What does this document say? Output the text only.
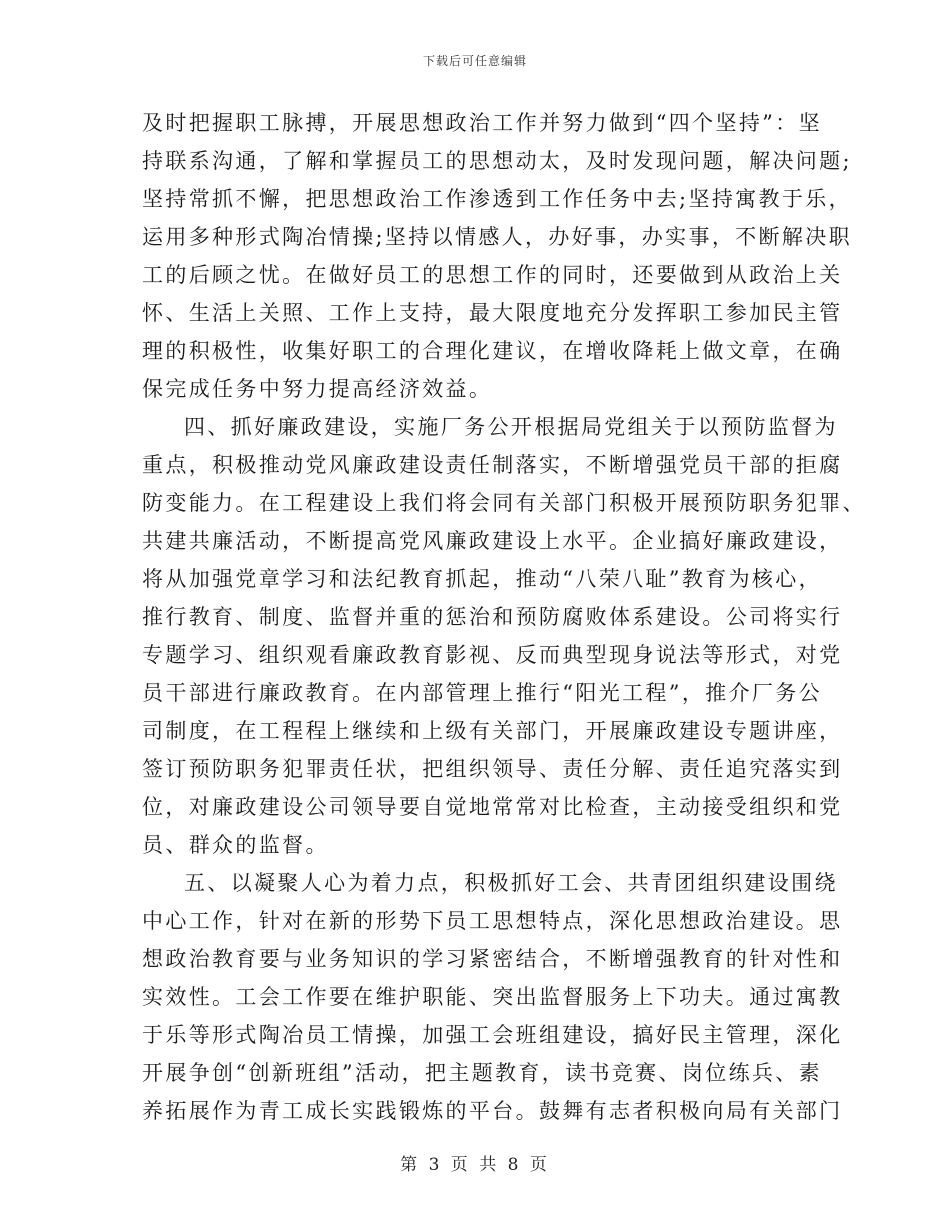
下载后可任意编辑
及时把握职工脉搏，开展思想政治工作并努力做到“四个坚持”：坚
持联系沟通，了解和掌握员工的思想动太，及时发现问题，解决问题;
坚持常抓不懈，把思想政治工作渗透到工作任务中去;坚持寓教于乐，
运用多种形式陶冶情操;坚持以情感人，办好事，办实事，不断解决职
工的后顾之忧。在做好员工的思想工作的同时，还要做到从政治上关
怀、生活上关照、工作上支持，最大限度地充分发挥职工参加民主管
理的积极性，收集好职工的合理化建议，在增收降耗上做文章，在确
保完成任务中努力提高经济效益。
四、抓好廉政建设，实施厂务公开根据局党组关于以预防监督为
重点，积极推动党风廉政建设责任制落实，不断增强党员干部的拒腐
防变能力。在工程建设上我们将会同有关部门积极开展预防职务犯罪、
共建共廉活动，不断提高党风廉政建设上水平。企业搞好廉政建设，
将从加强党章学习和法纪教育抓起，推动“八荣八耻”教育为核心，
推行教育、制度、监督并重的惩治和预防腐败体系建设。公司将实行
专题学习、组织观看廉政教育影视、反而典型现身说法等形式，对党
员干部进行廉政教育。在内部管理上推行“阳光工程”，推介厂务公
司制度，在工程程上继续和上级有关部门，开展廉政建设专题讲座，
签订预防职务犯罪责任状，把组织领导、责任分解、责任追究落实到
位，对廉政建设公司领导要自觉地常常对比检查，主动接受组织和党
员、群众的监督。
五、以凝聚人心为着力点，积极抓好工会、共青团组织建设围绕
中心工作，针对在新的形势下员工思想特点，深化思想政治建设。思
想政治教育要与业务知识的学习紧密结合，不断增强教育的针对性和
实效性。工会工作要在维护职能、突出监督服务上下功夫。通过寓教
于乐等形式陶冶员工情操，加强工会班组建设，搞好民主管理，深化
开展争创“创新班组”活动，把主题教育，读书竞赛、岗位练兵、素
养拓展作为青工成长实践锻炼的平台。鼓舞有志者积极向局有关部门
第 3 页 共 8 页
